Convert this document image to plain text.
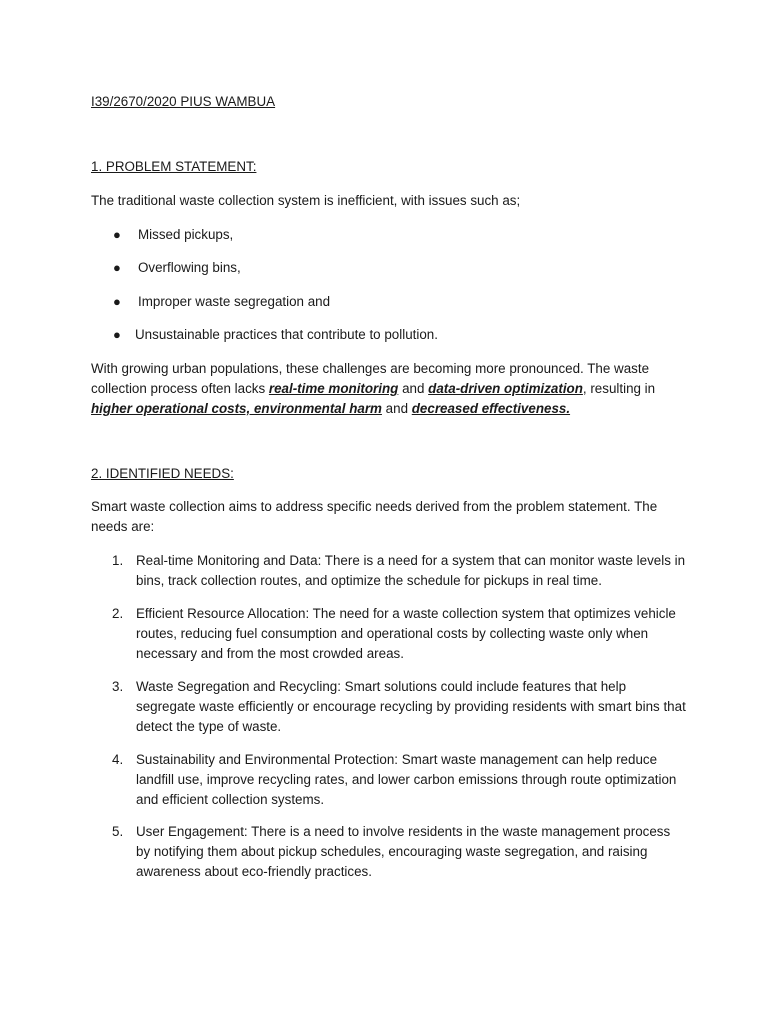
I39/2670/2020 PIUS WAMBUA
1. PROBLEM STATEMENT:
The traditional waste collection system is inefficient, with issues such as;
● Missed pickups,
● Overflowing bins,
● Improper waste segregation and
● Unsustainable practices that contribute to pollution.
With growing urban populations, these challenges are becoming more pronounced. The waste collection process often lacks real-time monitoring and data-driven optimization, resulting in higher operational costs, environmental harm and decreased effectiveness.
2. IDENTIFIED NEEDS:
Smart waste collection aims to address specific needs derived from the problem statement. The needs are:
1. Real-time Monitoring and Data: There is a need for a system that can monitor waste levels in bins, track collection routes, and optimize the schedule for pickups in real time.
2. Efficient Resource Allocation: The need for a waste collection system that optimizes vehicle routes, reducing fuel consumption and operational costs by collecting waste only when necessary and from the most crowded areas.
3. Waste Segregation and Recycling: Smart solutions could include features that help segregate waste efficiently or encourage recycling by providing residents with smart bins that detect the type of waste.
4. Sustainability and Environmental Protection: Smart waste management can help reduce landfill use, improve recycling rates, and lower carbon emissions through route optimization and efficient collection systems.
5. User Engagement: There is a need to involve residents in the waste management process by notifying them about pickup schedules, encouraging waste segregation, and raising awareness about eco-friendly practices.
